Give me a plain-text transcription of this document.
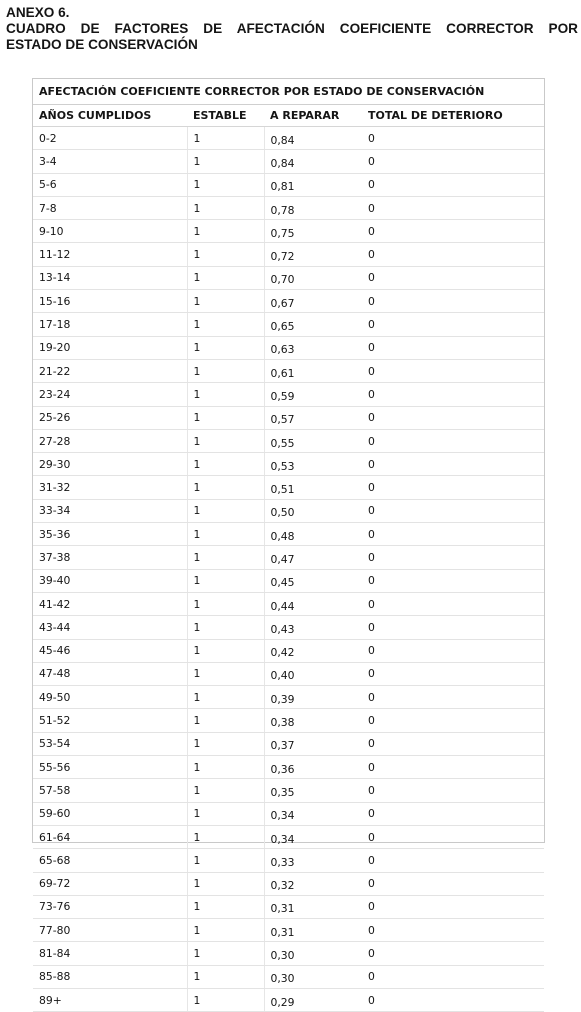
ANEXO 6.
CUADRO DE FACTORES DE AFECTACIÓN COEFICIENTE CORRECTOR POR
ESTADO DE CONSERVACIÓN
AFECTACIÓN COEFICIENTE CORRECTOR POR ESTADO DE CONSERVACIÓN			
AÑOS CUMPLIDOS	ESTABLE	A REPARAR	TOTAL DE DETERIORO
0-2	1	0,84	0
3-4	1	0,84	0
5-6	1	0,81	0
7-8	1	0,78	0
9-10	1	0,75	0
11-12	1	0,72	0
13-14	1	0,70	0
15-16	1	0,67	0
17-18	1	0,65	0
19-20	1	0,63	0
21-22	1	0,61	0
23-24	1	0,59	0
25-26	1	0,57	0
27-28	1	0,55	0
29-30	1	0,53	0
31-32	1	0,51	0
33-34	1	0,50	0
35-36	1	0,48	0
37-38	1	0,47	0
39-40	1	0,45	0
41-42	1	0,44	0
43-44	1	0,43	0
45-46	1	0,42	0
47-48	1	0,40	0
49-50	1	0,39	0
51-52	1	0,38	0
53-54	1	0,37	0
55-56	1	0,36	0
57-58	1	0,35	0
59-60	1	0,34	0
61-64	1	0,34	0
65-68	1	0,33	0
69-72	1	0,32	0
73-76	1	0,31	0
77-80	1	0,31	0
81-84	1	0,30	0
85-88	1	0,30	0
89+	1	0,29	0
